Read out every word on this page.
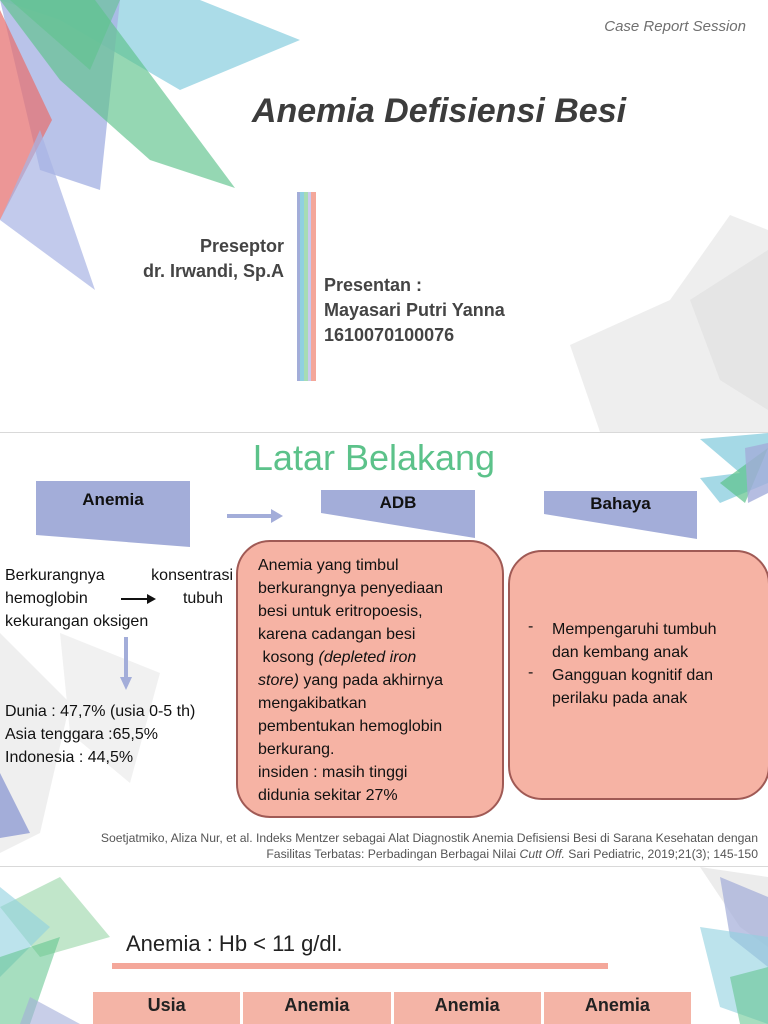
Case Report Session
Anemia Defisiensi Besi
Preseptor
dr. Irwandi, Sp.A
Presentan :
Mayasari Putri Yanna
1610070100076
Latar Belakang
Anemia	ADB	Bahaya
Berkurangnya konsentrasi
hemoglobin	tubuh
kekurangan oksigen
Dunia : 47,7% (usia 0-5 th)
Asia tenggara :65,5%
Indonesia : 44,5%
Anemia yang timbul
berkurangnya penyediaan
besi untuk eritropoesis,
karena cadangan besi
kosong (depleted iron
store) yang pada akhirnya
mengakibatkan
pembentukan hemoglobin
berkurang.
insiden : masih tinggi
didunia sekitar 27%
- Mempengaruhi tumbuh
dan kembang anak
- Gangguan kognitif dan
perilaku pada anak
Soetjatmiko, Aliza Nur, et al. Indeks Mentzer sebagai Alat Diagnostik Anemia Defisiensi Besi di Sarana Kesehatan dengan
Fasilitas Terbatas: Perbadingan Berbagai Nilai Cutt Off. Sari Pediatric, 2019;21(3); 145-150
Anemia : Hb < 11 g/dl.
Usia	Anemia	Anemia	Anemia
